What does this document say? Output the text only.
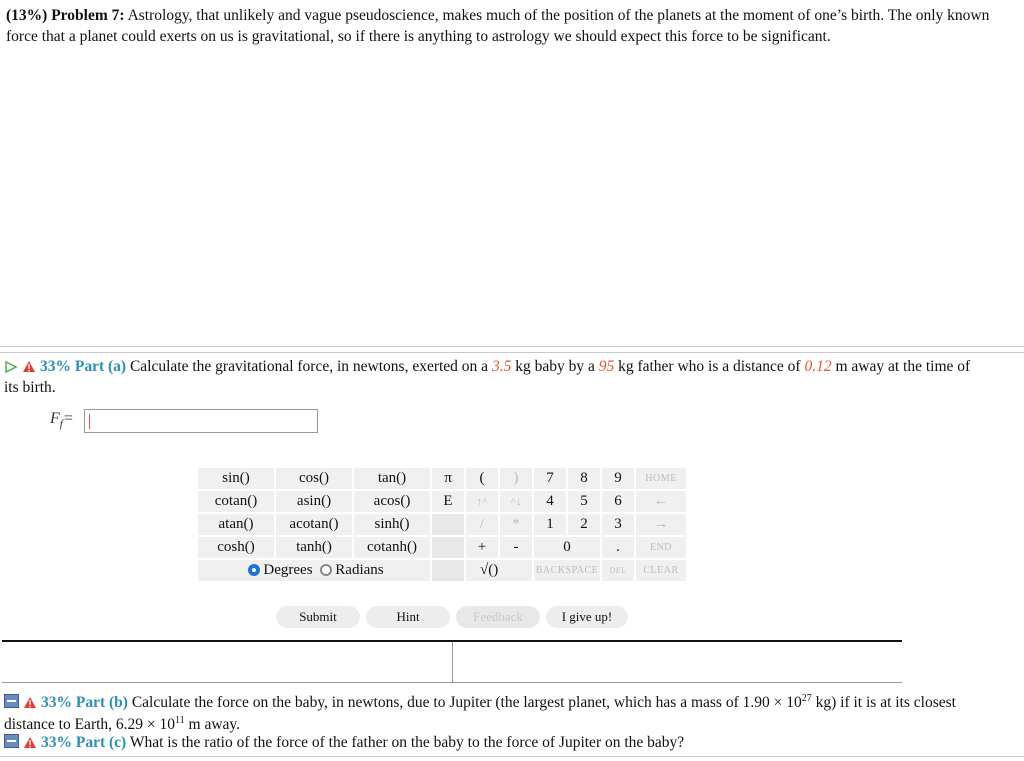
(13%) Problem 7: Astrology, that unlikely and vague pseudoscience, makes much of the position of the planets at the moment of one’s birth. The only known force that a planet could exerts on us is gravitational, so if there is anything to astrology we should expect this force to be significant.
33% Part (a) Calculate the gravitational force, in newtons, exerted on a 3.5 kg baby by a 95 kg father who is a distance of 0.12 m away at the time of
its birth.
$F_f=$
sin()	cos()	tan()	π	(	)	7	8	9	HOME
cotan()	asin()	acos()	E	↑^	^↓	4	5	6	←
atan()	acotan()	sinh()		/	*	1	2	3	→
cosh()	tanh()	cotanh()		+	-	0		.	END
Degrees Radians				√()		BACKSPACE		DEL	CLEAR
Submit	Hint	Feedback	I give up!
33% Part (b) Calculate the force on the baby, in newtons, due to Jupiter (the largest planet, which has a mass of $1.90 \times 10^{27}$ kg) if it is at its closest
distance to Earth, $6.29 \times 10^{11}$ m away.
33% Part (c) What is the ratio of the force of the father on the baby to the force of Jupiter on the baby?
